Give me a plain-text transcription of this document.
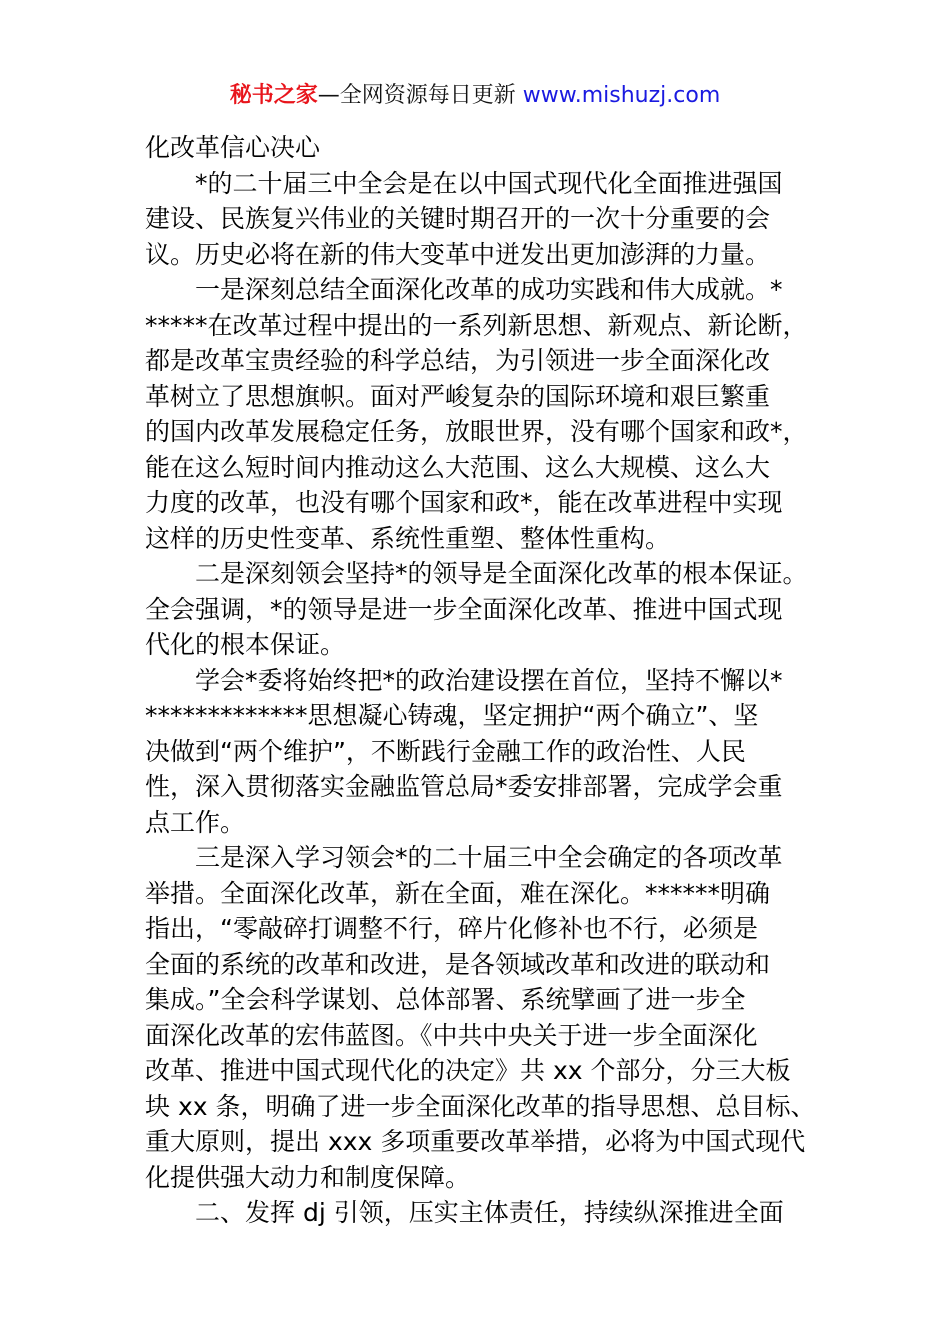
秘书之家—全网资源每日更新 www.mishuzj.com
化改革信心决心
*的二十届三中全会是在以中国式现代化全面推进强国
建设、民族复兴伟业的关键时期召开的一次十分重要的会
议。历史必将在新的伟大变革中迸发出更加澎湃的力量。
一是深刻总结全面深化改革的成功实践和伟大成就。*
*****在改革过程中提出的一系列新思想、新观点、新论断，
都是改革宝贵经验的科学总结，为引领进一步全面深化改
革树立了思想旗帜。面对严峻复杂的国际环境和艰巨繁重
的国内改革发展稳定任务，放眼世界，没有哪个国家和政*，
能在这么短时间内推动这么大范围、这么大规模、这么大
力度的改革，也没有哪个国家和政*，能在改革进程中实现
这样的历史性变革、系统性重塑、整体性重构。
二是深刻领会坚持*的领导是全面深化改革的根本保证。
全会强调，*的领导是进一步全面深化改革、推进中国式现
代化的根本保证。
学会*委将始终把*的政治建设摆在首位，坚持不懈以*
*************思想凝心铸魂，坚定拥护“两个确立”、坚
决做到“两个维护”，不断践行金融工作的政治性、人民
性，深入贯彻落实金融监管总局*委安排部署，完成学会重
点工作。
三是深入学习领会*的二十届三中全会确定的各项改革
举措。全面深化改革，新在全面，难在深化。******明确
指出，“零敲碎打调整不行，碎片化修补也不行，必须是
全面的系统的改革和改进，是各领域改革和改进的联动和
集成。”全会科学谋划、总体部署、系统擘画了进一步全
面深化改革的宏伟蓝图。《中共中央关于进一步全面深化
改革、推进中国式现代化的决定》共 xx 个部分，分三大板
块 xx 条，明确了进一步全面深化改革的指导思想、总目标、
重大原则，提出 xxx 多项重要改革举措，必将为中国式现代
化提供强大动力和制度保障。
二、发挥 dj 引领，压实主体责任，持续纵深推进全面
